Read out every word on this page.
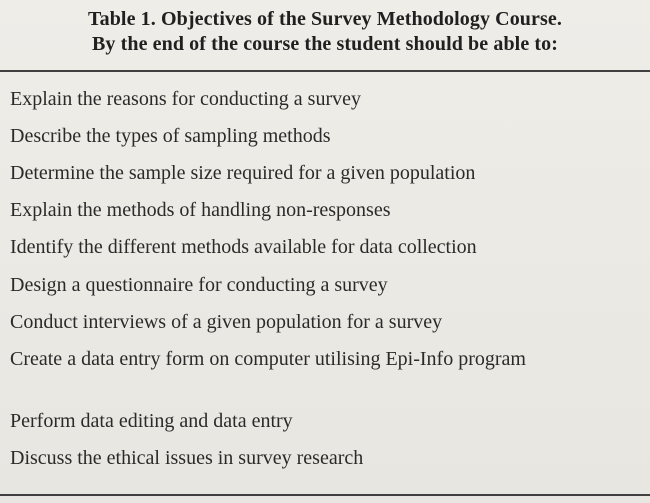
Table 1. Objectives of the Survey Methodology Course.
By the end of the course the student should be able to:
Explain the reasons for conducting a survey
Describe the types of sampling methods
Determine the sample size required for a given population
Explain the methods of handling non-responses
Identify the different methods available for data collection
Design a questionnaire for conducting a survey
Conduct interviews of a given population for a survey
Create a data entry form on computer utilising Epi-Info program
Perform data editing and data entry
Discuss the ethical issues in survey research
